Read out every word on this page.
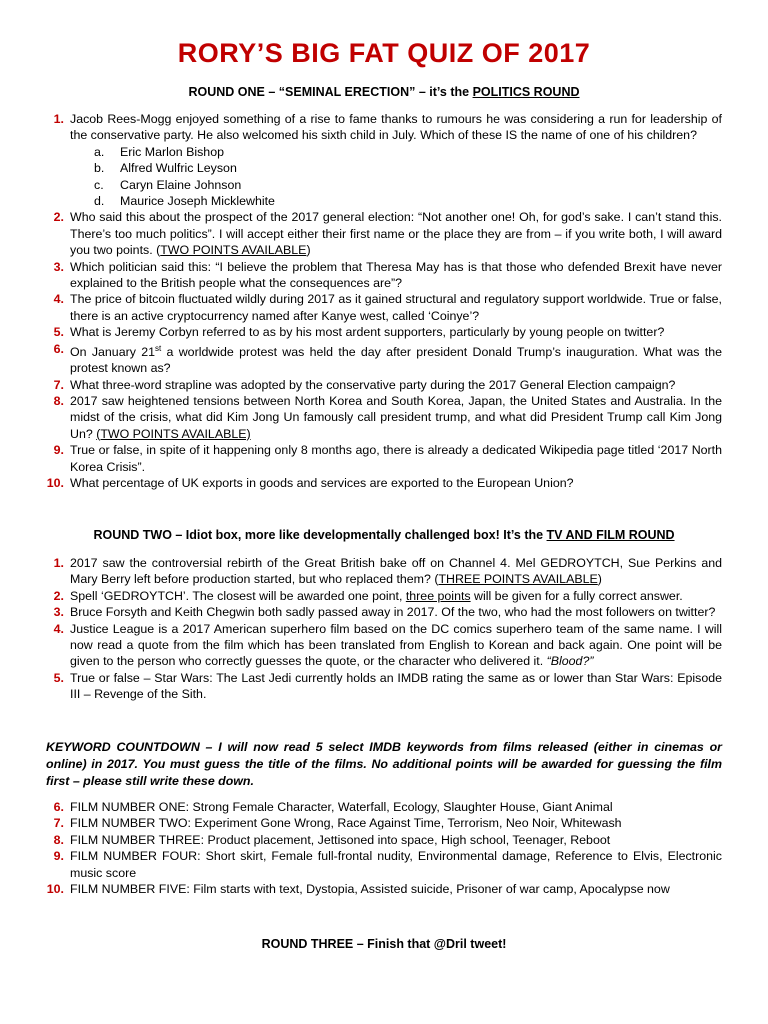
RORY’S BIG FAT QUIZ OF 2017
ROUND ONE – “SEMINAL ERECTION” – it’s the POLITICS ROUND
1. Jacob Rees-Mogg enjoyed something of a rise to fame thanks to rumours he was considering a run for leadership of the conservative party. He also welcomed his sixth child in July. Which of these IS the name of one of his children?
a. Eric Marlon Bishop
b. Alfred Wulfric Leyson
c. Caryn Elaine Johnson
d. Maurice Joseph Micklewhite
2. Who said this about the prospect of the 2017 general election: “Not another one! Oh, for god’s sake. I can’t stand this. There’s too much politics”. I will accept either their first name or the place they are from – if you write both, I will award you two points. (TWO POINTS AVAILABLE)
3. Which politician said this: “I believe the problem that Theresa May has is that those who defended Brexit have never explained to the British people what the consequences are”?
4. The price of bitcoin fluctuated wildly during 2017 as it gained structural and regulatory support worldwide. True or false, there is an active cryptocurrency named after Kanye west, called ‘Coinye’?
5. What is Jeremy Corbyn referred to as by his most ardent supporters, particularly by young people on twitter?
6. On January 21st a worldwide protest was held the day after president Donald Trump’s inauguration. What was the protest known as?
7. What three-word strapline was adopted by the conservative party during the 2017 General Election campaign?
8. 2017 saw heightened tensions between North Korea and South Korea, Japan, the United States and Australia. In the midst of the crisis, what did Kim Jong Un famously call president trump, and what did President Trump call Kim Jong Un? (TWO POINTS AVAILABLE)
9. True or false, in spite of it happening only 8 months ago, there is already a dedicated Wikipedia page titled ‘2017 North Korea Crisis”.
10. What percentage of UK exports in goods and services are exported to the European Union?
ROUND TWO – Idiot box, more like developmentally challenged box! It’s the TV AND FILM ROUND
1. 2017 saw the controversial rebirth of the Great British bake off on Channel 4. Mel GEDROYTCH, Sue Perkins and Mary Berry left before production started, but who replaced them? (THREE POINTS AVAILABLE)
2. Spell ‘GEDROYTCH’. The closest will be awarded one point, three points will be given for a fully correct answer.
3. Bruce Forsyth and Keith Chegwin both sadly passed away in 2017. Of the two, who had the most followers on twitter?
4. Justice League is a 2017 American superhero film based on the DC comics superhero team of the same name. I will now read a quote from the film which has been translated from English to Korean and back again. One point will be given to the person who correctly guesses the quote, or the character who delivered it. “Blood?”
5. True or false – Star Wars: The Last Jedi currently holds an IMDB rating the same as or lower than Star Wars: Episode III – Revenge of the Sith.
KEYWORD COUNTDOWN – I will now read 5 select IMDB keywords from films released (either in cinemas or online) in 2017. You must guess the title of the films. No additional points will be awarded for guessing the film first – please still write these down.
6. FILM NUMBER ONE: Strong Female Character, Waterfall, Ecology, Slaughter House, Giant Animal
7. FILM NUMBER TWO: Experiment Gone Wrong, Race Against Time, Terrorism, Neo Noir, Whitewash
8. FILM NUMBER THREE: Product placement, Jettisoned into space, High school, Teenager, Reboot
9. FILM NUMBER FOUR: Short skirt, Female full-frontal nudity, Environmental damage, Reference to Elvis, Electronic music score
10. FILM NUMBER FIVE: Film starts with text, Dystopia, Assisted suicide, Prisoner of war camp, Apocalypse now
ROUND THREE – Finish that @Dril tweet!
